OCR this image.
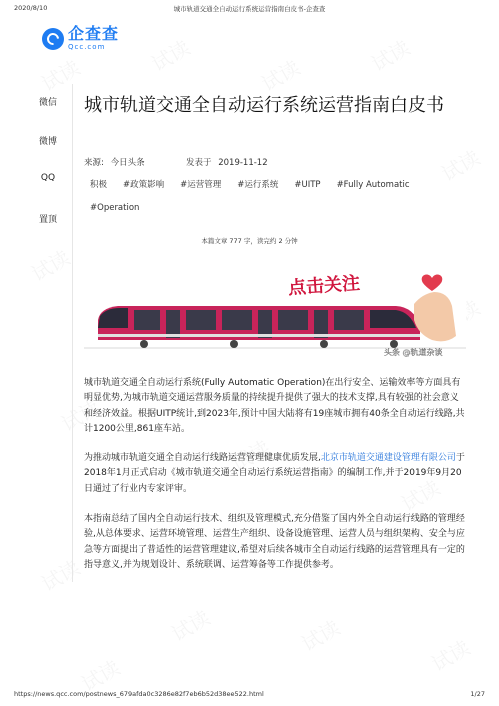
2020/8/10	城市轨道交通全自动运行系统运营指南白皮书-企查查
企查查
Qcc.com
微信
微博
QQ
置顶
城市轨道交通全自动运行系统运营指南白皮书
来源: 今日头条	发表于 2019-11-12
积极	#政策影响	#运营管理	#运行系统	#UITP	#Fully Automatic
#Operation
本篇文章 777 字，读完约 2 分钟
点击关注
头条 @轨道杂谈

城市轨道交通全自动运行系统(Fully Automatic Operation)在出行安全、运输效率等方面具有明显优势,为城市轨道交通运营服务质量的持续提升提供了强大的技术支撑,具有较强的社会意义和经济效益。根据UITP统计,到2023年,预计中国大陆将有19座城市拥有40条全自动运行线路,共计1200公里,861座车站。

为推动城市轨道交通全自动运行线路运营管理健康优质发展,北京市轨道交通建设管理有限公司于2018年1月正式启动《城市轨道交通全自动运行系统运营指南》的编制工作,并于2019年9月20日通过了行业内专家评审。

本指南总结了国内全自动运行技术、组织及管理模式,充分借鉴了国内外全自动运行线路的管理经验,从总体要求、运营环境管理、运营生产组织、设备设施管理、运营人员与组织架构、安全与应急等方面提出了普适性的运营管理建议,希望对后续各城市全自动运行线路的运营管理具有一定的指导意义,并为规划设计、系统联调、运营筹备等工作提供参考。

https://news.qcc.com/postnews_679afda0c3286e82f7eb6b52d38ee522.html	1/27
